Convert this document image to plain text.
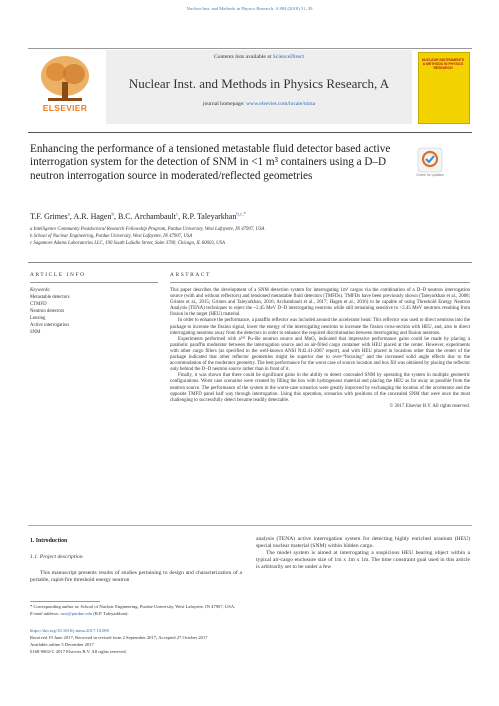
Nuclear Inst. and Methods in Physics Research, A 884 (2018) 31–39
ELSEVIER
Contents lists available at ScienceDirect
Nuclear Inst. and Methods in Physics Research, A
journal homepage: www.elsevier.com/locate/nima
NUCLEAR INSTRUMENTS & METHODS IN PHYSICS RESEARCH
Enhancing the performance of a tensioned metastable fluid detector based active interrogation system for the detection of SNM in <1 m³ containers using a D–D neutron interrogation source in moderated/reflected geometries	Check for updates
T.F. Grimes$^a$, A.R. Hagen$^b$, B.C. Archambault$^c$, R.P. Taleyarkhan$^{b,c,*}$
a Intelligence Community Postdoctoral Research Fellowship Program, Purdue University, West Lafayette, IN 47907, USA
b School of Nuclear Engineering, Purdue University, West Lafayette, IN 47907, USA
c Sagamore Adams Laboratories LLC, 190 South LaSalle Street, Suite 3700, Chicago, IL 60603, USA
ARTICLE INFO
Keywords:
Metastable detectors
CTMFD
Neutron detectors
Lensing
Active interrogation
SNM
ABSTRACT

This paper describes the development of a SNM detection system for interrogating 1m³ cargos via the combination of a D–D neutron interrogation source (with and without reflectors) and tensioned metastable fluid detectors (TMFDs). TMFDs have been previously shown (Taleyarkhan et al., 2008; Grimes et al., 2015; Grimes and Taleyarkhan, 2016; Archambault et al., 2017; Hagen et al., 2016) to be capable of using Threshold Energy Neutron Analysis (TENA) techniques to reject the ~2.45 MeV D–D interrogating neutrons while still remaining sensitive to >2.45 MeV neutrons resulting from fission in the target (HEU) material.

In order to enhance the performance, a paraffin reflector was included around the accelerator head. This reflector was used to direct neutrons into the package to increase the fission signal, lower the energy of the interrogating neutrons to increase the fission cross-section with HEU, and, also to direct interrogating neutrons away from the detectors in order to enhance the required discrimination between interrogating and fission neutrons.

Experiments performed with a²³⁹ Pu–Be neutron source and MnO₂ indicated that impressive performance gains could be made by placing a parabolic paraffin moderator between the interrogation source and an air-filled cargo container with HEU placed at the center. However, experiments with other cargo fillers (as specified in the well-known ANSI N42.41-2007 report), and with HEU placed in locations other than the center of the package indicated that other reflector geometries might be superior due to over-“focusing” and the increased solid angle effects due to the accommodation of the moderator geometry. The best performance for the worst case of source location and box fill was obtained by placing the reflector only behind the D–D neutron source rather than in front of it.

Finally, it was shown that there could be significant gains in the ability to detect concealed SNM by operating the system in multiple geometric configurations. Worst case scenarios were created by filling the box with hydrogenous material and placing the HEU as far away as possible from the neutron source. The performance of the system in the worst-case scenarios were greatly improved by exchanging the location of the accelerator and the opposite TMFD panel half way through interrogation. Using this operation, scenarios with positions of the concealed SNM that were once the most challenging to successfully detect became readily detectable.

© 2017 Elsevier B.V. All rights reserved.
1. Introduction
1.1. Project description

This manuscript presents results of studies pertaining to design and characterization of a portable, rapid-fire threshold energy neutron

analysis (TENA) active interrogation system for detecting highly enriched uranium (HEU) special nuclear material (SNM) within hidden cargo.

The model system is aimed at interrogating a suspicious HEU bearing object within a typical air-cargo enclosure size of 1m x 1m x 1m. The time constraint goal used in this article is arbitrarily set to be under a few

* Corresponding author at: School of Nuclear Engineering, Purdue University, West Lafayette, IN 47907, USA.
E-mail address: rusi@purdue.edu (R.P. Taleyarkhan).
https://doi.org/10.1016/j.nima.2017.10.085
Received 19 June 2017; Received in revised form 2 September 2017; Accepted 27 October 2017
Available online 5 December 2017
0168-9002/© 2017 Elsevier B.V. All rights reserved.
